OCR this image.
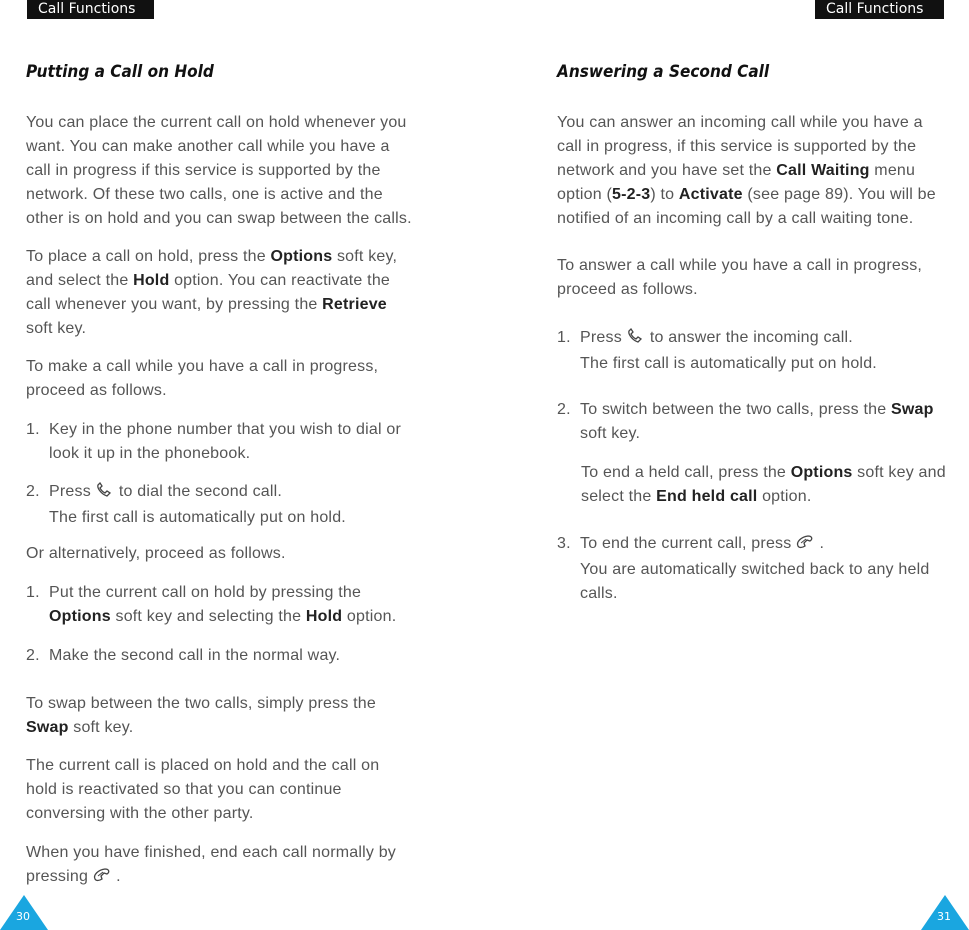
Call Functions	Call Functions
Putting a Call on Hold

You can place the current call on hold whenever you
want. You can make another call while you have a
call in progress if this service is supported by the
network. Of these two calls, one is active and the
other is on hold and you can swap between the calls.

To place a call on hold, press the Options soft key,
and select the Hold option. You can reactivate the
call whenever you want, by pressing the Retrieve
soft key.

To make a call while you have a call in progress,
proceed as follows.

1. Key in the phone number that you wish to dial or
look it up in the phonebook.

2. Press to dial the second call.
The first call is automatically put on hold.

Or alternatively, proceed as follows.

1. Put the current call on hold by pressing the
Options soft key and selecting the Hold option.

2. Make the second call in the normal way.

To swap between the two calls, simply press the
Swap soft key.

The current call is placed on hold and the call on
hold is reactivated so that you can continue
conversing with the other party.

When you have finished, end each call normally by
pressing .

Answering a Second Call

You can answer an incoming call while you have a
call in progress, if this service is supported by the
network and you have set the Call Waiting menu
option (5-2-3) to Activate (see page 89). You will be
notified of an incoming call by a call waiting tone.

To answer a call while you have a call in progress,
proceed as follows.

1. Press to answer the incoming call.
The first call is automatically put on hold.

2. To switch between the two calls, press the Swap
soft key.

To end a held call, press the Options soft key and
select the End held call option.

3. To end the current call, press .
You are automatically switched back to any held
calls.

30	31
